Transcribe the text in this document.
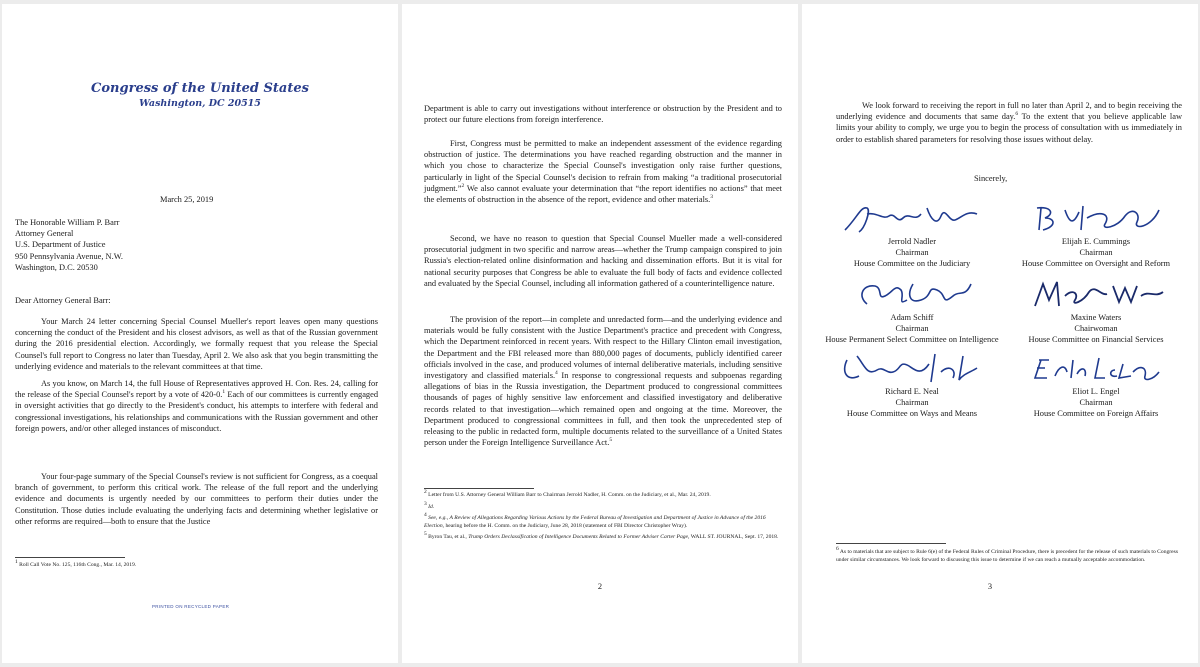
Congress of the United States
Washington, DC 20515
March 25, 2019
The Honorable William P. Barr
Attorney General
U.S. Department of Justice
950 Pennsylvania Avenue, N.W.
Washington, D.C. 20530
Dear Attorney General Barr:

Your March 24 letter concerning Special Counsel Mueller's report leaves open many questions concerning the conduct of the President and his closest advisors, as well as that of the Russian government during the 2016 presidential election. Accordingly, we formally request that you release the Special Counsel's full report to Congress no later than Tuesday, April 2. We also ask that you begin transmitting the underlying evidence and materials to the relevant committees at that time.

As you know, on March 14, the full House of Representatives approved H. Con. Res. 24, calling for the release of the Special Counsel's report by a vote of 420-0.$^1$ Each of our committees is currently engaged in oversight activities that go directly to the President's conduct, his attempts to interfere with federal and congressional investigations, his relationships and communications with the Russian government and other foreign powers, and/or other alleged instances of misconduct.

Your four-page summary of the Special Counsel's review is not sufficient for Congress, as a coequal branch of government, to perform this critical work. The release of the full report and the underlying evidence and documents is urgently needed by our committees to perform their duties under the Constitution. Those duties include evaluating the underlying facts and determining whether legislative or other reforms are required—both to ensure that the Justice

$^1$ Roll Call Vote No. 125, 116th Cong., Mar. 14, 2019.

PRINTED ON RECYCLED PAPER

Department is able to carry out investigations without interference or obstruction by the President and to protect our future elections from foreign interference.

First, Congress must be permitted to make an independent assessment of the evidence regarding obstruction of justice. The determinations you have reached regarding obstruction and the manner in which you chose to characterize the Special Counsel's investigation only raise further questions, particularly in light of the Special Counsel's decision to refrain from making “a traditional prosecutorial judgment.”$^2$ We also cannot evaluate your determination that “the report identifies no actions” that meet the elements of obstruction in the absence of the report, evidence and other materials.$^3$

Second, we have no reason to question that Special Counsel Mueller made a well-considered prosecutorial judgment in two specific and narrow areas—whether the Trump campaign conspired to join Russia's election-related online disinformation and hacking and dissemination efforts. But it is vital for national security purposes that Congress be able to evaluate the full body of facts and evidence collected and evaluated by the Special Counsel, including all information gathered of a counterintelligence nature.

The provision of the report—in complete and unredacted form—and the underlying evidence and materials would be fully consistent with the Justice Department's practice and precedent with Congress, which the Department reinforced in recent years. With respect to the Hillary Clinton email investigation, the Department and the FBI released more than 880,000 pages of documents, publicly identified career officials involved in the case, and produced volumes of internal deliberative materials, including sensitive investigatory and classified materials.$^4$ In response to congressional requests and subpoenas regarding allegations of bias in the Russia investigation, the Department produced to congressional committees thousands of pages of highly sensitive law enforcement and classified investigatory and deliberative records related to that investigation—which remained open and ongoing at the time. Moreover, the Department produced to congressional committees in full, and then took the unprecedented step of releasing to the public in redacted form, multiple documents related to the surveillance of a United States person under the Foreign Intelligence Surveillance Act.$^5$

$^2$ Letter from U.S. Attorney General William Barr to Chairman Jerrold Nadler, H. Comm. on the Judiciary, et al., Mar. 24, 2019.

$^3$ Id.

$^4$ See, e.g., A Review of Allegations Regarding Various Actions by the Federal Bureau of Investigation and Department of Justice in Advance of the 2016 Election, hearing before the H. Comm. on the Judiciary, June 28, 2018 (statement of FBI Director Christopher Wray).

$^5$ Byron Tau, et al., Trump Orders Declassification of Intelligence Documents Related to Former Adviser Carter Page, WALL ST. JOURNAL, Sept. 17, 2018.

2

We look forward to receiving the report in full no later than April 2, and to begin receiving the underlying evidence and documents that same day.$^6$ To the extent that you believe applicable law limits your ability to comply, we urge you to begin the process of consultation with us immediately in order to establish shared parameters for resolving those issues without delay.

Sincerely,
Jerrold Nadler
Chairman
House Committee on the Judiciary
Elijah E. Cummings
Chairman
House Committee on Oversight and Reform
Adam Schiff
Chairman
House Permanent Select Committee on Intelligence
Maxine Waters
Chairwoman
House Committee on Financial Services
Richard E. Neal
Chairman
House Committee on Ways and Means
Eliot L. Engel
Chairman
House Committee on Foreign Affairs

$^6$ As to materials that are subject to Rule 6(e) of the Federal Rules of Criminal Procedure, there is precedent for the release of such materials to Congress under similar circumstances. We look forward to discussing this issue to determine if we can reach a mutually acceptable accommodation.

3
